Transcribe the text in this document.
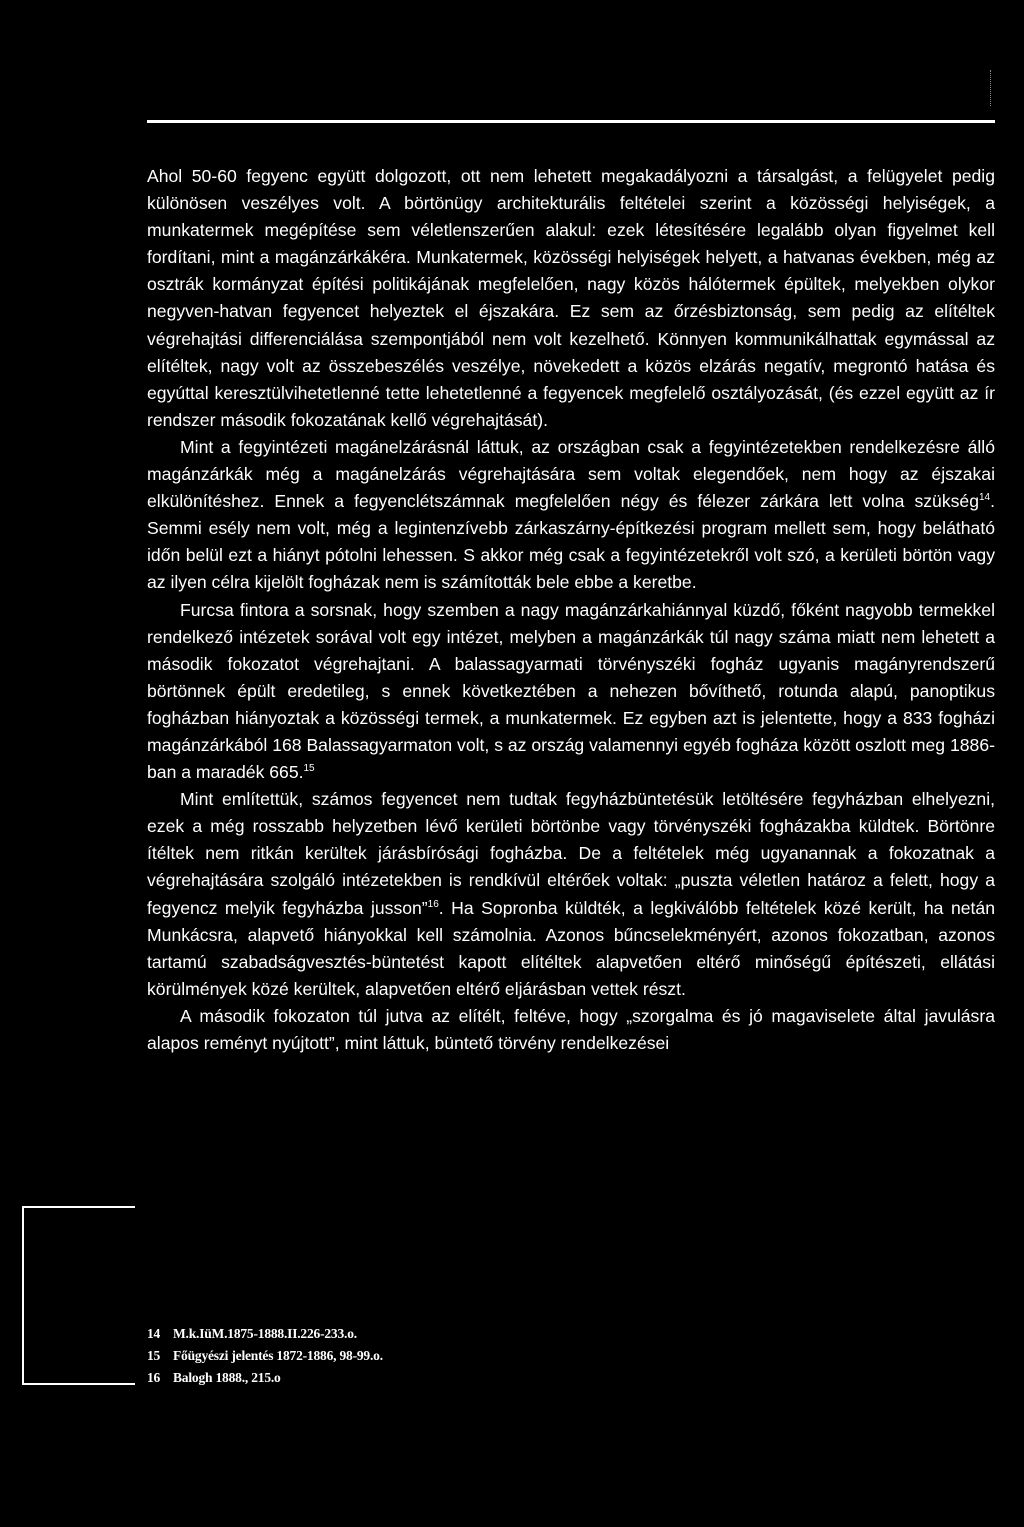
Ahol 50-60 fegyenc együtt dolgozott, ott nem lehetett megakadályozni a társalgást, a felügyelet pedig különösen veszélyes volt. A börtönügy architekturális feltételei szerint a közösségi helyiségek, a munkatermek megépítése sem véletlenszerűen alakul: ezek létesítésére legalább olyan figyelmet kell fordítani, mint a magánzárkákéra. Munkatermek, közösségi helyiségek helyett, a hatvanas években, még az osztrák kormányzat építési politikájának megfelelően, nagy közös hálótermek épültek, melyekben olykor negyven-hatvan fegyencet helyeztek el éjszakára. Ez sem az őrzésbiztonság, sem pedig az elítéltek végrehajtási differenciálása szempontjából nem volt kezelhető. Könnyen kommunikálhattak egymással az elítéltek, nagy volt az összebeszélés veszélye, növekedett a közös elzárás negatív, megrontó hatása és egyúttal keresztülvihetetlenné tette lehetetlenné a fegyencek megfelelő osztályozását, (és ezzel együtt az ír rendszer második fokozatának kellő végrehajtását).

Mint a fegyintézeti magánelzárásnál láttuk, az országban csak a fegyintézetekben rendelkezésre álló magánzárkák még a magánelzárás végrehajtására sem voltak elegendőek, nem hogy az éjszakai elkülönítéshez. Ennek a fegyenclétszámnak megfelelően négy és félezer zárkára lett volna szükség$^{14}$. Semmi esély nem volt, még a legintenzívebb zárkaszárny-építkezési program mellett sem, hogy belátható időn belül ezt a hiányt pótolni lehessen. S akkor még csak a fegyintézetekről volt szó, a kerületi börtön vagy az ilyen célra kijelölt fogházak nem is számították bele ebbe a keretbe.

Furcsa fintora a sorsnak, hogy szemben a nagy magánzárkahiánnyal küzdő, főként nagyobb termekkel rendelkező intézetek sorával volt egy intézet, melyben a magánzárkák túl nagy száma miatt nem lehetett a második fokozatot végrehajtani. A balassagyarmati törvényszéki fogház ugyanis magányrendszerű börtönnek épült eredetileg, s ennek következtében a nehezen bővíthető, rotunda alapú, panoptikus fogházban hiányoztak a közösségi termek, a munkatermek. Ez egyben azt is jelentette, hogy a 833 fogházi magánzárkából 168 Balassagyarmaton volt, s az ország valamennyi egyéb fogháza között oszlott meg 1886-ban a maradék 665.15

Mint említettük, számos fegyencet nem tudtak fegyházbüntetésük letöltésére fegyházban elhelyezni, ezek a még rosszabb helyzetben lévő kerületi börtönbe vagy törvényszéki fogházakba küldtek. Börtönre ítéltek nem ritkán kerültek járásbírósági fogházba. De a feltételek még ugyanannak a fokozatnak a végrehajtására szolgáló intézetekben is rendkívül eltérőek voltak: „puszta véletlen határoz a felett, hogy a fegyencz melyik fegyházba jusson”$^{16}$. Ha Sopronba küldték, a legkiválóbb feltételek közé került, ha netán Munkácsra, alapvető hiányokkal kell számolnia. Azonos bűncselekményért, azonos fokozatban, azonos tartamú szabadságvesztés-büntetést kapott elítéltek alapvetően eltérő minőségű építészeti, ellátási körülmények közé kerültek, alapvetően eltérő eljárásban vettek részt.

A második fokozaton túl jutva az elítélt, feltéve, hogy „szorgalma és jó magaviselete által javulásra alapos reményt nyújtott”, mint láttuk, büntető törvény rendelkezései

14 M.k.IüM.1875-1888.II.226-233.o.
15 Főügyészi jelentés 1872-1886, 98-99.o.
16 Balogh 1888., 215.o
